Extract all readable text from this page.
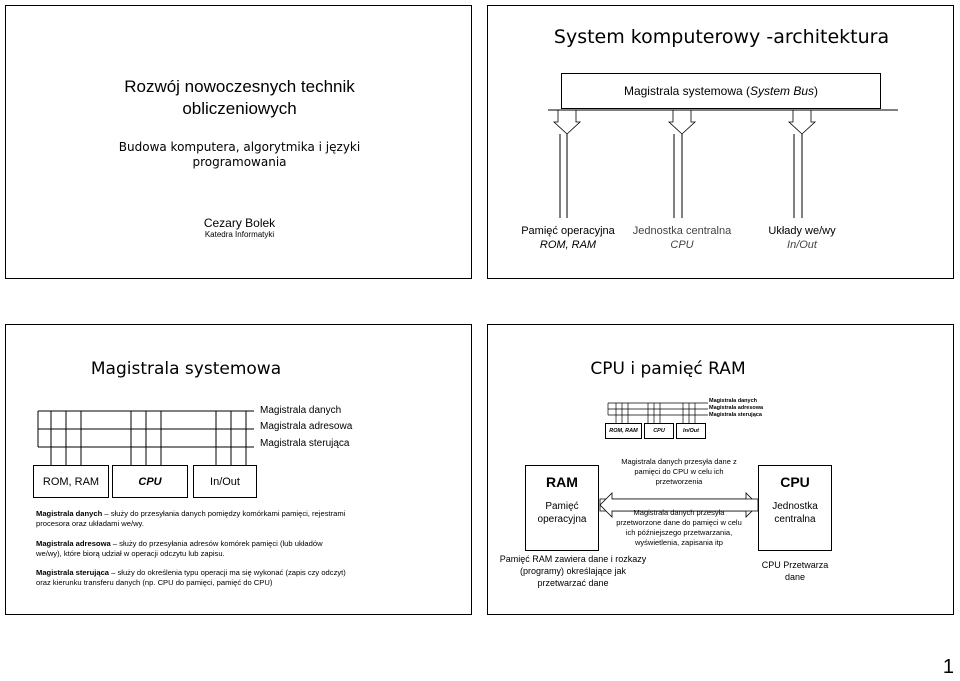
Rozwój nowoczesnych technik obliczeniowych
Budowa komputera, algorytmika i języki programowania
Cezary Bolek
Katedra Informatyki
System komputerowy -architektura
Magistrala systemowa ( System Bus )
Pamięć operacyjna
ROM, RAM
Jednostka centralna
CPU
Układy we/wy
In/Out
Magistrala systemowa
Magistrala danych
Magistrala adresowa
Magistrala sterująca
ROM, RAM	CPU	In/Out
Magistrala danych – służy do przesyłania danych pomiędzy komórkami pamięci, rejestrami procesora oraz układami we/wy.
Magistrala adresowa – służy do przesyłania adresów komórek pamięci (lub układów we/wy), które biorą udział w operacji odczytu lub zapisu.
Magistrala sterująca – służy do określenia typu operacji ma się wykonać (zapis czy odczyt) oraz kierunku transferu danych (np. CPU do pamięci, pamięć do CPU)
CPU i pamięć RAM
Magistrala danych
Magistrala adresowa
Magistrala sterująca
ROM, RAM	CPU	In/Out
RAM
Pamięć operacyjna
CPU
Jednostka centralna
Magistrala danych przesyła dane z pamięci do CPU w celu ich przetworzenia
Magistrala danych przesyła przetworzone dane do pamięci w celu ich późniejszego przetwarzania, wyświetlenia, zapisania itp
Pamięć RAM zawiera dane i rozkazy (programy) określające jak przetwarzać dane
CPU Przetwarza dane
1
